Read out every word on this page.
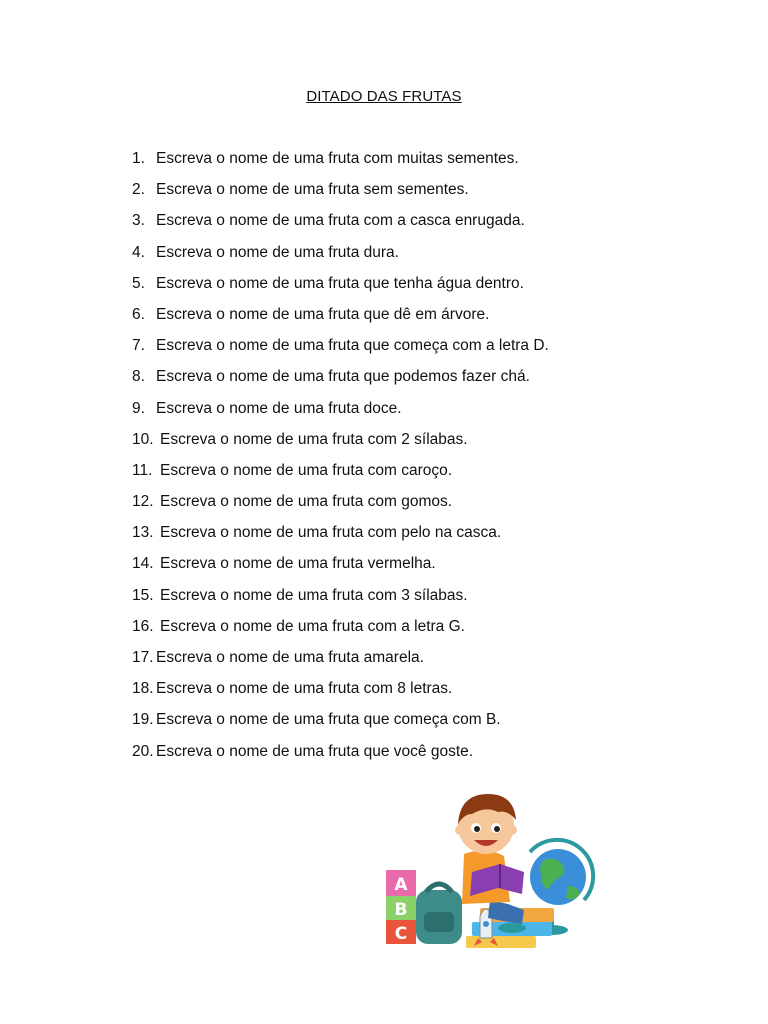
DITADO DAS FRUTAS
1. Escreva o nome de uma fruta com muitas sementes.
2. Escreva o nome de uma fruta sem sementes.
3. Escreva o nome de uma fruta com a casca enrugada.
4. Escreva o nome de uma fruta dura.
5. Escreva o nome de uma fruta que tenha água dentro.
6. Escreva o nome de uma fruta que dê em árvore.
7. Escreva o nome de uma fruta que começa com a letra D.
8. Escreva o nome de uma fruta que podemos fazer chá.
9. Escreva o nome de uma fruta doce.
10. Escreva o nome de uma fruta com 2 sílabas.
11. Escreva o nome de uma fruta com caroço.
12. Escreva o nome de uma fruta com gomos.
13. Escreva o nome de uma fruta com pelo na casca.
14. Escreva o nome de uma fruta vermelha.
15. Escreva o nome de uma fruta com 3 sílabas.
16. Escreva o nome de uma fruta com a letra G.
17. Escreva o nome de uma fruta amarela.
18. Escreva o nome de uma fruta com 8 letras.
19. Escreva o nome de uma fruta que começa com B.
20. Escreva o nome de uma fruta que você goste.
A
B
C
